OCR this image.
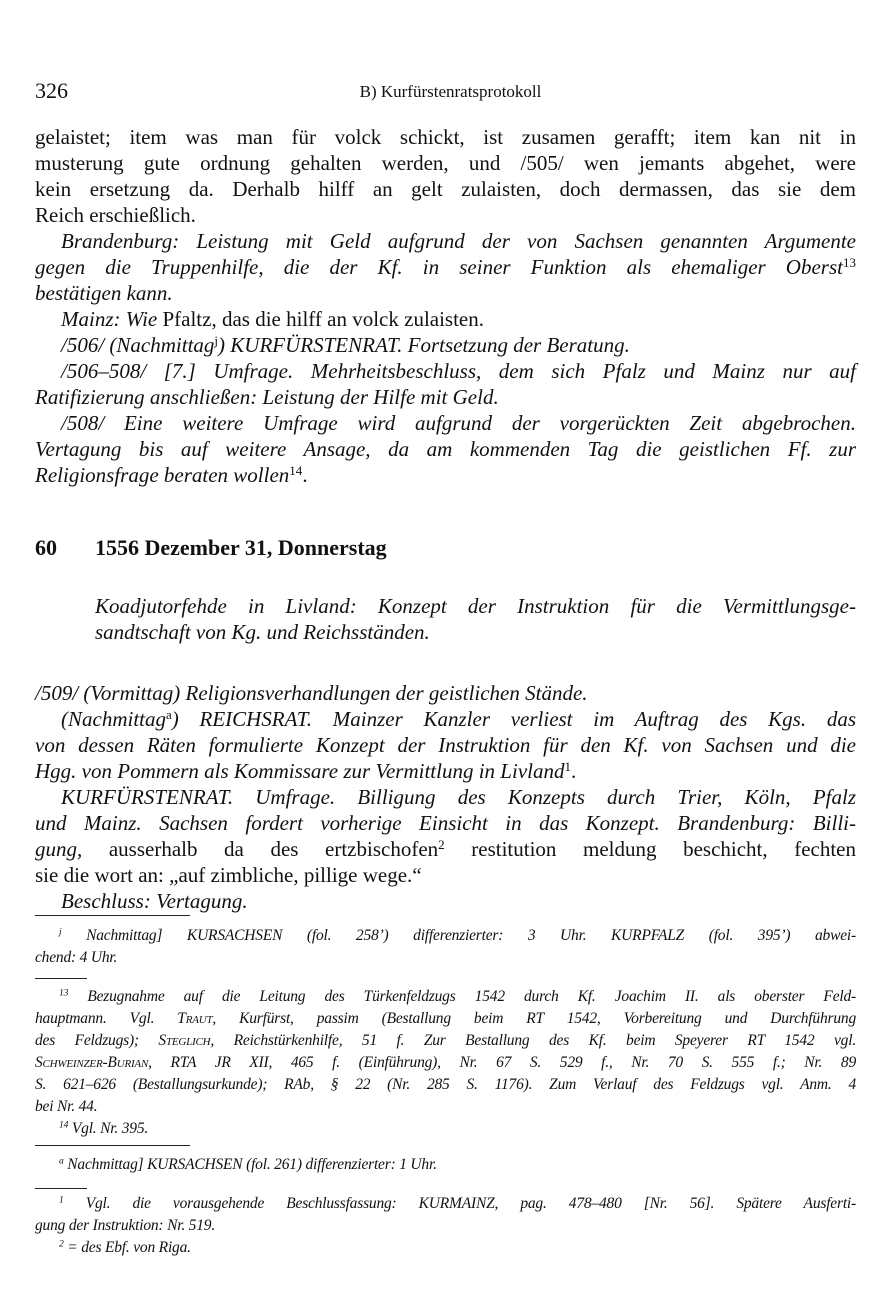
326	B) Kurfürstenratsprotokoll
gelaistet; item was man für volck schickt, ist zusamen gerafft; item kan nit in
musterung gute ordnung gehalten werden, und /505/ wen jemants abgehet, were
kein ersetzung da. Derhalb hilff an gelt zulaisten, doch dermassen, das sie dem
Reich erschießlich.
Brandenburg: Leistung mit Geld aufgrund der von Sachsen genannten Argumente
gegen die Truppenhilfe, die der Kf. in seiner Funktion als ehemaliger Oberst$^{13}$
bestätigen kann.
Mainz: Wie Pfaltz, das die hilff an volck zulaisten.
/506/ (Nachmittag$^j$) KURFÜRSTENRAT. Fortsetzung der Beratung.
/506–508/ [7.] Umfrage. Mehrheitsbeschluss, dem sich Pfalz und Mainz nur auf
Ratifizierung anschließen: Leistung der Hilfe mit Geld.
/508/ Eine weitere Umfrage wird aufgrund der vorgerückten Zeit abgebrochen.
Vertagung bis auf weitere Ansage, da am kommenden Tag die geistlichen Ff. zur
Religionsfrage beraten wollen$^{14}$.
60 1556 Dezember 31, Donnerstag
Koadjutorfehde in Livland: Konzept der Instruktion für die Vermittlungsge-
sandtschaft von Kg. und Reichsständen.
/509/ (Vormittag) Religionsverhandlungen der geistlichen Stände.
(Nachmittag$^a$) REICHSRAT. Mainzer Kanzler verliest im Auftrag des Kgs. das
von dessen Räten formulierte Konzept der Instruktion für den Kf. von Sachsen und die
Hgg. von Pommern als Kommissare zur Vermittlung in Livland$^1$.
KURFÜRSTENRAT. Umfrage. Billigung des Konzepts durch Trier, Köln, Pfalz
und Mainz. Sachsen fordert vorherige Einsicht in das Konzept. Brandenburg: Billi-
gung, ausserhalb da des ertzbischofen$^2$ restitution meldung beschicht, fechten
sie die wort an: „auf zimbliche, pillige wege.“
Beschluss: Vertagung.
$^j$ Nachmittag] KURSACHSEN (fol. 258’) differenzierter: 3 Uhr. KURPFALZ (fol. 395’) abwei-
chend: 4 Uhr.
$^{13}$ Bezugnahme auf die Leitung des Türkenfeldzugs 1542 durch Kf. Joachim II. als oberster Feld-
hauptmann. Vgl. Traut, Kurfürst, passim (Bestallung beim RT 1542, Vorbereitung und Durchführung
des Feldzugs); Steglich, Reichstürkenhilfe, 51 f. Zur Bestallung des Kf. beim Speyerer RT 1542 vgl.
Schweinzer-Burian, RTA JR XII, 465 f. (Einführung), Nr. 67 S. 529 f., Nr. 70 S. 555 f.; Nr. 89
S. 621–626 (Bestallungsurkunde); RAb, § 22 (Nr. 285 S. 1176). Zum Verlauf des Feldzugs vgl. Anm. 4
bei Nr. 44.
$^{14}$ Vgl. Nr. 395.
$^a$ Nachmittag] KURSACHSEN (fol. 261) differenzierter: 1 Uhr.
$^1$ Vgl. die vorausgehende Beschlussfassung: KURMAINZ, pag. 478–480 [Nr. 56]. Spätere Ausferti-
gung der Instruktion: Nr. 519.
$^2$ = des Ebf. von Riga.
